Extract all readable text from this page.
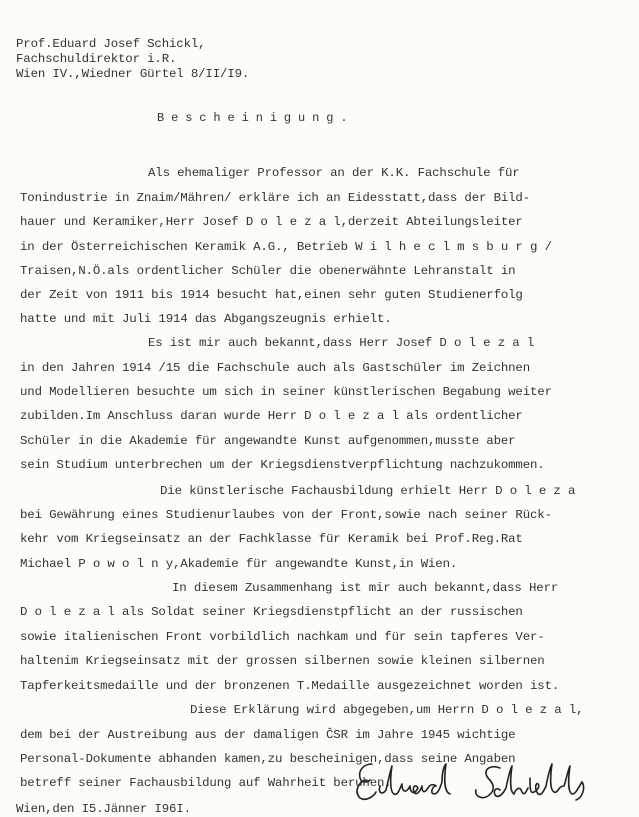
Prof.Eduard Josef Schickl,
Fachschuldirektor i.R.
Wien IV.,Wiedner Gürtel 8/II/I9.
B e s c h e i n i g u n g .
Als ehemaliger Professor an der K.K. Fachschule für
Tonindustrie in Znaim/Mähren/ erkläre ich an Eidesstatt,dass der Bild-
hauer und Keramiker,Herr Josef D o l e z a l,derzeit Abteilungsleiter
in der Österreichischen Keramik A.G., Betrieb W i l h e c l m s b u r g /
Traisen,N.Ö.als ordentlicher Schüler die obenerwähnte Lehranstalt in
der Zeit von 1911 bis 1914 besucht hat,einen sehr guten Studienerfolg
hatte und mit Juli 1914 das Abgangszeugnis erhielt.
Es ist mir auch bekannt,dass Herr Josef D o l e z a l
in den Jahren 1914 /15 die Fachschule auch als Gastschüler im Zeichnen
und Modellieren besuchte um sich in seiner künstlerischen Begabung weiter
zubilden.Im Anschluss daran wurde Herr D o l e z a l als ordentlicher
Schüler in die Akademie für angewandte Kunst aufgenommen,musste aber
sein Studium unterbrechen um der Kriegsdienstverpflichtung nachzukommen.
Die künstlerische Fachausbildung erhielt Herr D o l e z a
bei Gewährung eines Studienurlaubes von der Front,sowie nach seiner Rück-
kehr vom Kriegseinsatz an der Fachklasse für Keramik bei Prof.Reg.Rat
Michael P o w o l n y,Akademie für angewandte Kunst,in Wien.
In diesem Zusammenhang ist mir auch bekannt,dass Herr
D o l e z a l als Soldat seiner Kriegsdienstpflicht an der russischen
sowie italienischen Front vorbildlich nachkam und für sein tapferes Ver-
haltenim Kriegseinsatz mit der grossen silbernen sowie kleinen silbernen
Tapferkeitsmedaille und der bronzenen T.Medaille ausgezeichnet worden ist.
Diese Erklärung wird abgegeben,um Herrn D o l e z a l,
dem bei der Austreibung aus der damaligen ČSR im Jahre 1945 wichtige
Personal-Dokumente abhanden kamen,zu bescheinigen,dass seine Angaben
betreff seiner Fachausbildung auf Wahrheit beruhen.
Wien,den I5.Jänner I96I.
